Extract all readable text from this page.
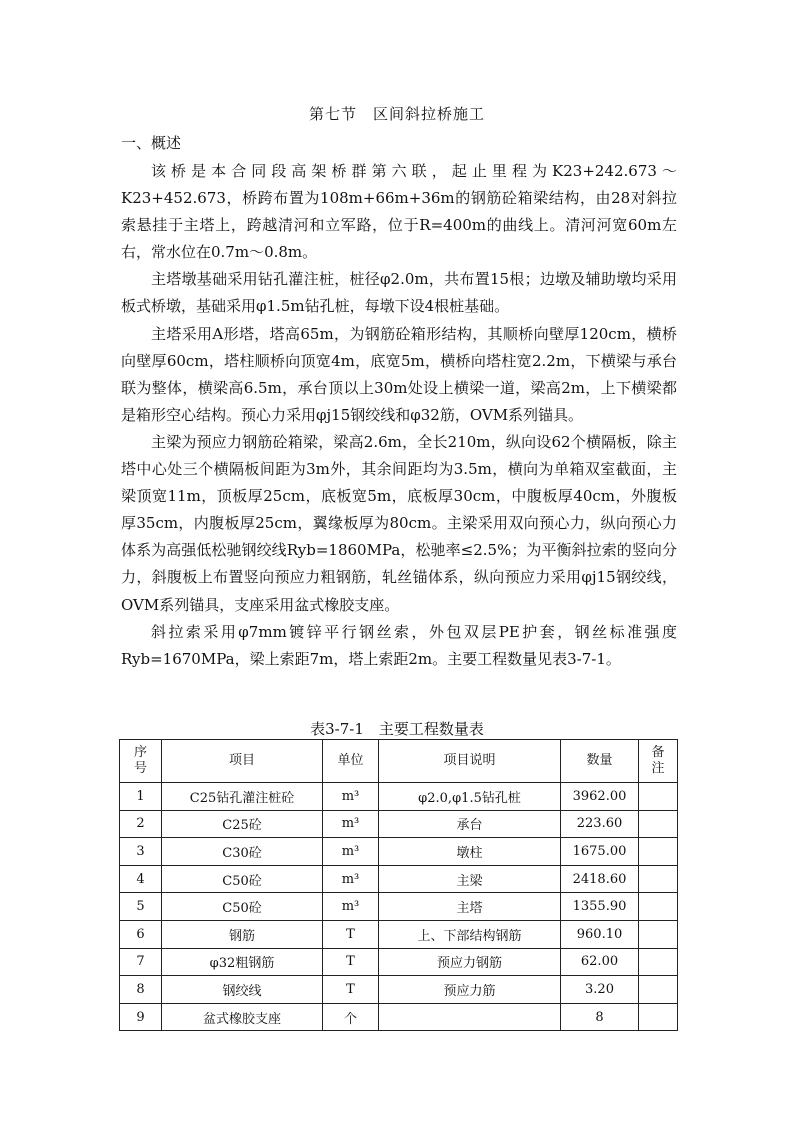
第七节　区间斜拉桥施工
一、概述

该桥是本合同段高架桥群第六联，起止里程为K23+242.673～K23+452.673，桥跨布置为108m+66m+36m的钢筋砼箱梁结构，由28对斜拉索悬挂于主塔上，跨越清河和立军路，位于R=400m的曲线上。清河河宽60m左右，常水位在0.7m～0.8m。

主塔墩基础采用钻孔灌注桩，桩径φ2.0m，共布置15根；边墩及辅助墩均采用板式桥墩，基础采用φ1.5m钻孔桩，每墩下设4根桩基础。

主塔采用A形塔，塔高65m，为钢筋砼箱形结构，其顺桥向壁厚120cm，横桥向壁厚60cm，塔柱顺桥向顶宽4m，底宽5m，横桥向塔柱宽2.2m，下横梁与承台联为整体，横梁高6.5m，承台顶以上30m处设上横梁一道，梁高2m，上下横梁都是箱形空心结构。预心力采用φj15钢绞线和φ32筋，OVM系列锚具。

主梁为预应力钢筋砼箱梁，梁高2.6m，全长210m，纵向设62个横隔板，除主塔中心处三个横隔板间距为3m外，其余间距均为3.5m，横向为单箱双室截面，主梁顶宽11m，顶板厚25cm，底板宽5m，底板厚30cm，中腹板厚40cm，外腹板厚35cm，内腹板厚25cm，翼缘板厚为80cm。主梁采用双向预心力，纵向预心力体系为高强低松驰钢绞线Ryb=1860MPa，松驰率≤2.5%；为平衡斜拉索的竖向分力，斜腹板上布置竖向预应力粗钢筋，轧丝锚体系，纵向预应力采用φj15钢绞线，OVM系列锚具，支座采用盆式橡胶支座。

斜拉索采用φ7mm镀锌平行钢丝索，外包双层PE护套，钢丝标准强度Ryb=1670MPa，梁上索距7m，塔上索距2m。主要工程数量见表3-7-1。

表3-7-1　主要工程数量表
序号	项目	单位	项目说明	数量	备注
1	C25钻孔灌注桩砼	m³	φ2.0,φ1.5钻孔桩	3962.00	
2	C25砼	m³	承台	223.60	
3	C30砼	m³	墩柱	1675.00	
4	C50砼	m³	主梁	2418.60	
5	C50砼	m³	主塔	1355.90	
6	钢筋	T	上、下部结构钢筋	960.10	
7	φ32粗钢筋	T	预应力钢筋	62.00	
8	钢绞线	T	预应力筋	3.20	
9	盆式橡胶支座	个		8	
